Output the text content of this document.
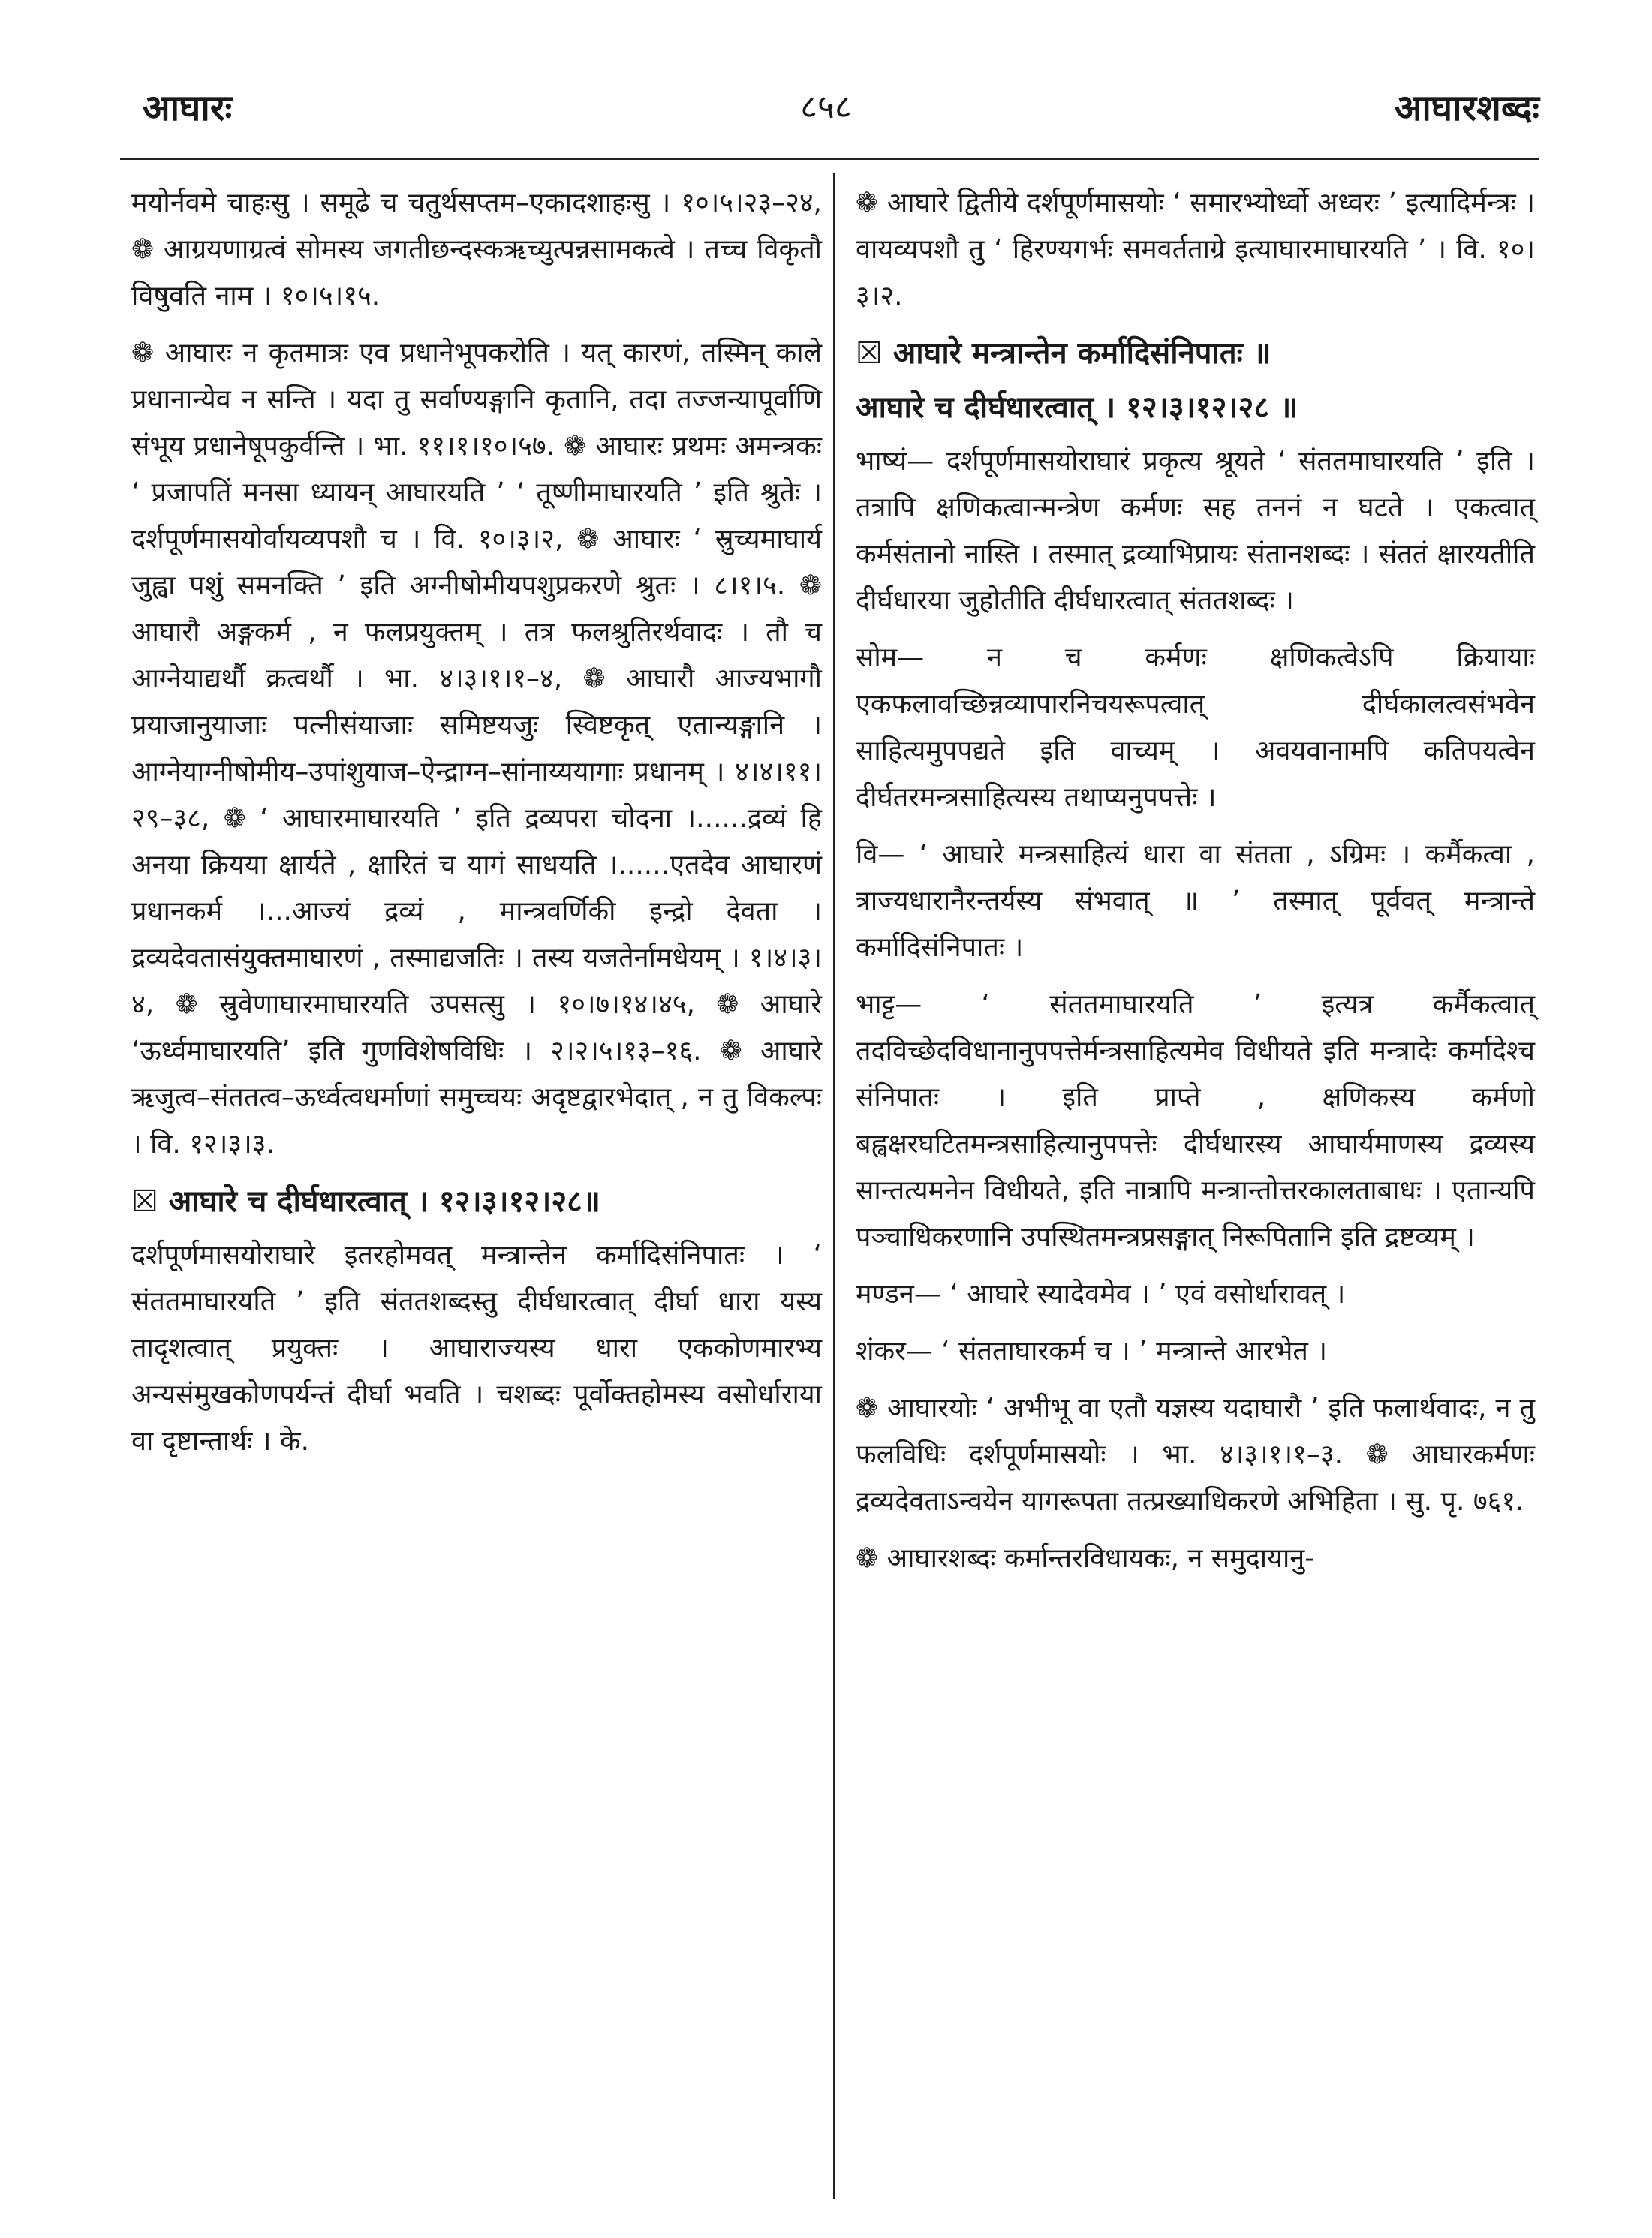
आघारः	८५८	आघारशब्दः

मयोर्नवमे चाहःसु । समूढे च चतुर्थसप्तम–एकादशाहःसु । १०।५।२३–२४, ❁ आग्रयणाग्रत्वं सोमस्य जगतीछन्दस्कऋच्युत्पन्नसामकत्वे । तच्च विकृतौ विषुवति नाम । १०।५।१५.

❁ आघारः न कृतमात्रः एव प्रधानेभूपकरोति । यत् कारणं, तस्मिन् काले प्रधानान्येव न सन्ति । यदा तु सर्वाण्यङ्गानि कृतानि, तदा तज्जन्यापूर्वाणि संभूय प्रधानेषूपकुर्वन्ति । भा. ११।१।१०।५७. ❁ आघारः प्रथमः अमन्त्रकः ‘ प्रजापतिं मनसा ध्यायन् आघारयति ’ ‘ तूष्णीमाघारयति ’ इति श्रुतेः । दर्शपूर्णमासयोर्वायव्यपशौ च । वि. १०।३।२, ❁ आघारः ‘ स्रुच्यमाघार्य जुह्वा पशुं समनक्ति ’ इति अग्नीषोमीयपशुप्रकरणे श्रुतः । ८।१।५. ❁ आघारौ अङ्गकर्म , न फलप्रयुक्तम् । तत्र फलश्रुतिरर्थवादः । तौ च आग्नेयाद्यर्थौ क्रत्वर्थौ । भा. ४।३।१।१–४, ❁ आघारौ आज्यभागौ प्रयाजानुयाजाः पत्नीसंयाजाः समिष्टयजुः स्विष्टकृत् एतान्यङ्गानि । आग्नेयाग्नीषोमीय–उपांशुयाज–ऐन्द्राग्न–सांनाय्ययागाः प्रधानम् । ४।४।११।२९–३८, ❁ ‘ आघारमाघारयति ’ इति द्रव्यपरा चोदना ।......द्रव्यं हि अनया क्रियया क्षार्यते , क्षारितं च यागं साधयति ।......एतदेव आघारणं प्रधानकर्म ।...आज्यं द्रव्यं , मान्त्रवर्णिकी इन्द्रो देवता । द्रव्यदेवतासंयुक्तमाघारणं , तस्माद्यजतिः । तस्य यजतेर्नामधेयम् । १।४।३।४, ❁ स्रुवेणाघारमाघारयति उपसत्सु । १०।७।१४।४५, ❁ आघारे ‘ऊर्ध्वमाघारयति’ इति गुणविशेषविधिः । २।२।५।१३–१६. ❁ आघारे ऋजुत्व–संततत्व–ऊर्ध्वत्वधर्माणां समुच्चयः अदृष्टद्वारभेदात् , न तु विकल्पः । वि. १२।३।३.

☒ आघारे च दीर्घधारत्वात् । १२।३।१२।२८॥

दर्शपूर्णमासयोराघारे इतरहोमवत् मन्त्रान्तेन कर्मादिसंनिपातः । ‘ संततमाघारयति ’ इति संततशब्दस्तु दीर्घधारत्वात् दीर्घा धारा यस्य तादृशत्वात् प्रयुक्तः । आघाराज्यस्य धारा एककोणमारभ्य अन्यसंमुखकोणपर्यन्तं दीर्घा भवति । चशब्दः पूर्वोक्तहोमस्य वसोर्धाराया वा दृष्टान्तार्थः । के.

❁ आघारे द्वितीये दर्शपूर्णमासयोः ‘ समारभ्योर्ध्वो अध्वरः ’ इत्यादिर्मन्त्रः । वायव्यपशौ तु ‘ हिरण्यगर्भः समवर्तताग्रे इत्याघारमाघारयति ’ । वि. १०।३।२.

☒ आघारे मन्त्रान्तेन कर्मादिसंनिपातः ॥

आघारे च दीर्घधारत्वात् । १२।३।१२।२८ ॥

भाष्यं— दर्शपूर्णमासयोराघारं प्रकृत्य श्रूयते ‘ संततमाघारयति ’ इति । तत्रापि क्षणिकत्वान्मन्त्रेण कर्मणः सह तननं न घटते । एकत्वात् कर्मसंतानो नास्ति । तस्मात् द्रव्याभिप्रायः संतानशब्दः । संततं क्षारयतीति दीर्घधारया जुहोतीति दीर्घधारत्वात् संततशब्दः ।

सोम— न च कर्मणः क्षणिकत्वेऽपि क्रियायाः एकफलावच्छिन्नव्यापारनिचयरूपत्वात् दीर्घकालत्वसंभवेन साहित्यमुपपद्यते इति वाच्यम् । अवयवानामपि कतिपयत्वेन दीर्घतरमन्त्रसाहित्यस्य तथाप्यनुपपत्तेः ।

वि— ‘ आघारे मन्त्रसाहित्यं धारा वा संतता , ऽग्रिमः । कर्मैकत्वा , त्राज्यधारानैरन्तर्यस्य संभवात् ॥ ’ तस्मात् पूर्ववत् मन्त्रान्ते कर्मादिसंनिपातः ।

भाट्ट— ‘ संततमाघारयति ’ इत्यत्र कर्मैकत्वात् तदविच्छेदविधानानुपपत्तेर्मन्त्रसाहित्यमेव विधीयते इति मन्त्रादेः कर्मादेश्च संनिपातः । इति प्राप्ते , क्षणिकस्य कर्मणो बह्वक्षरघटितमन्त्रसाहित्यानुपपत्तेः दीर्घधारस्य आघार्यमाणस्य द्रव्यस्य सान्तत्यमनेन विधीयते, इति नात्रापि मन्त्रान्तोत्तरकालताबाधः । एतान्यपि पञ्चाधिकरणानि उपस्थितमन्त्रप्रसङ्गात् निरूपितानि इति द्रष्टव्यम् ।

मण्डन— ‘ आघारे स्यादेवमेव । ’ एवं वसोर्धारावत् ।

शंकर— ‘ संतताघारकर्म च । ’ मन्त्रान्ते आरभेत ।

❁ आघारयोः ‘ अभीभू वा एतौ यज्ञस्य यदाघारौ ’ इति फलार्थवादः, न तु फलविधिः दर्शपूर्णमासयोः । भा. ४।३।१।१–३. ❁ आघारकर्मणः द्रव्यदेवताऽन्वयेन यागरूपता तत्प्रख्याधिकरणे अभिहिता । सु. पृ. ७६१.

❁ आघारशब्दः कर्मान्तरविधायकः, न समुदायानु-
